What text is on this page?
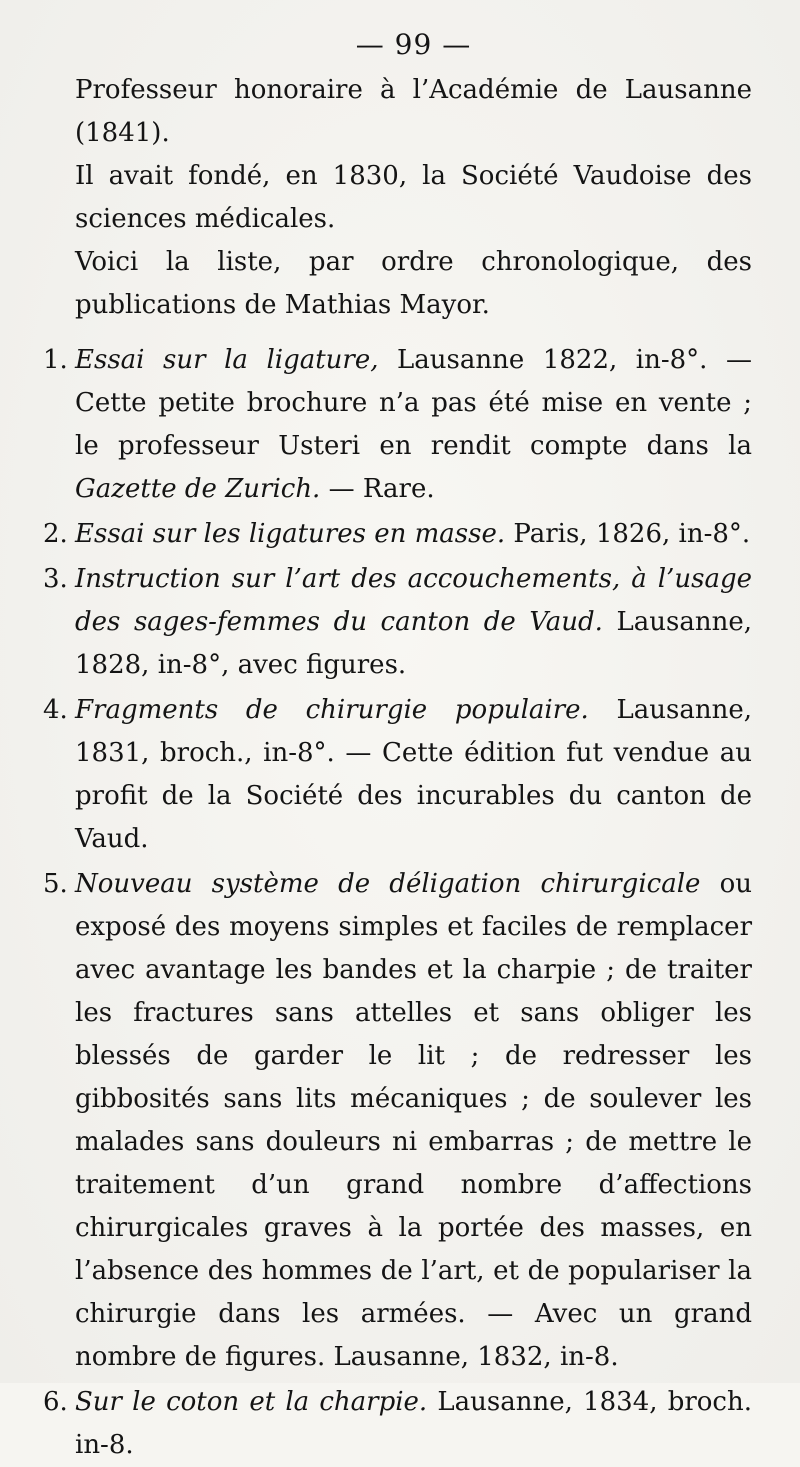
— 99 —

Professeur honoraire à l’Académie de Lausanne (1841).

Il avait fondé, en 1830, la Société Vaudoise des sciences médicales.

Voici la liste, par ordre chronologique, des publications de Mathias Mayor.

1. Essai sur la ligature, Lausanne 1822, in-8°. — Cette petite brochure n’a pas été mise en vente ; le professeur Usteri en rendit compte dans la Gazette de Zurich. — Rare.
2. Essai sur les ligatures en masse. Paris, 1826, in-8°.
3. Instruction sur l’art des accouchements, à l’usage des sages-femmes du canton de Vaud. Lausanne, 1828, in-8°, avec figures.
4. Fragments de chirurgie populaire. Lausanne, 1831, broch., in-8°. — Cette édition fut vendue au profit de la Société des incurables du canton de Vaud.
5. Nouveau système de déligation chirurgicale ou exposé des moyens simples et faciles de remplacer avec avantage les bandes et la charpie ; de traiter les fractures sans attelles et sans obliger les blessés de garder le lit ; de redresser les gibbosités sans lits mécaniques ; de soulever les malades sans douleurs ni embarras ; de mettre le traitement d’un grand nombre d’affections chirurgicales graves à la portée des masses, en l’absence des hommes de l’art, et de populariser la chirurgie dans les armées. — Avec un grand nombre de figures. Lausanne, 1832, in-8.
6. Sur le coton et la charpie. Lausanne, 1834, broch. in-8.
